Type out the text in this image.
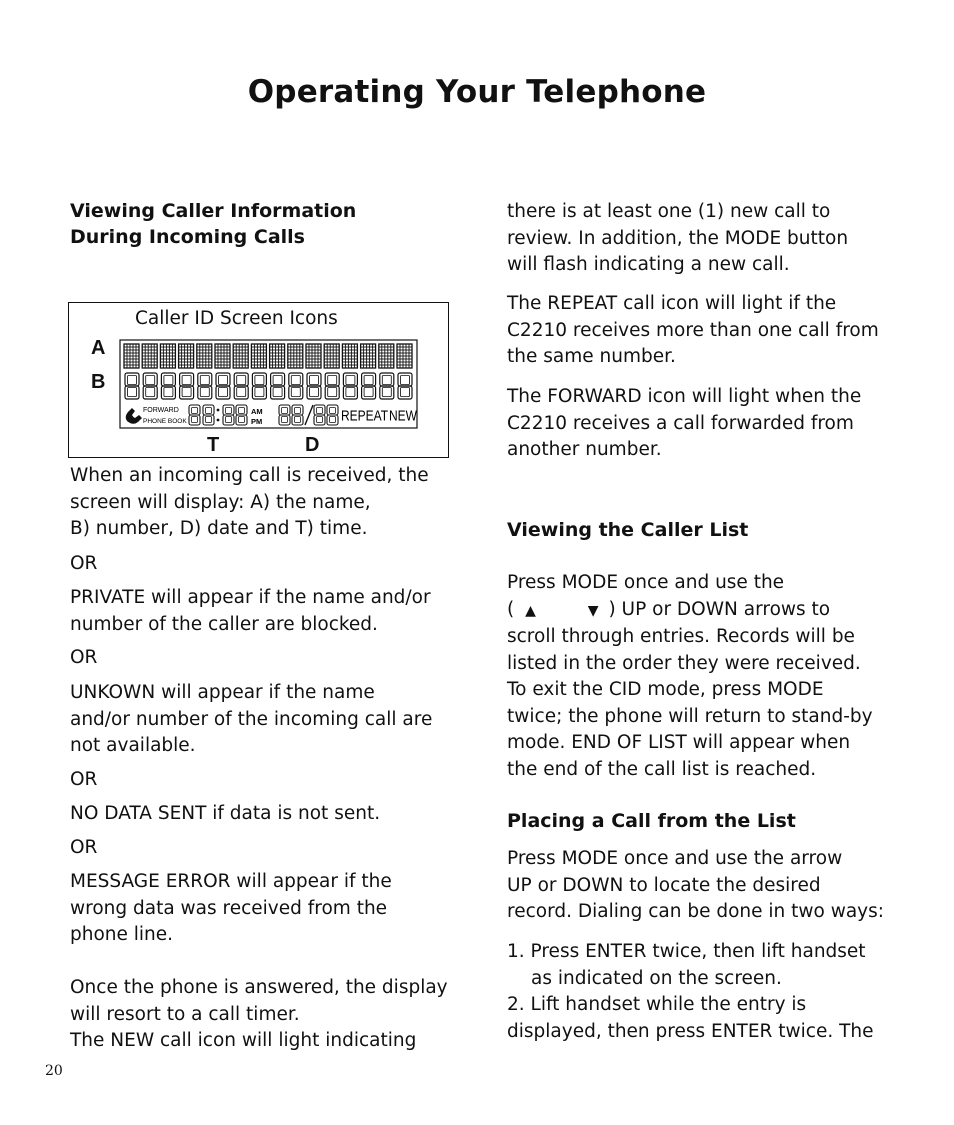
Operating Your Telephone
Viewing Caller Information
During Incoming Calls
Caller ID Screen Icons
A
B
T	D
FORWARD
PHONE BOOK
AM
PM	REPEAT NEW
When an incoming call is received, the
screen will display: A) the name,
B) number, D) date and T) time.
OR
PRIVATE will appear if the name and/or
number of the caller are blocked.
OR
UNKOWN will appear if the name
and/or number of the incoming call are
not available.
OR
NO DATA SENT if data is not sent.
OR
MESSAGE ERROR will appear if the
wrong data was received from the
phone line.
Once the phone is answered, the display
will resort to a call timer.
The NEW call icon will light indicating
there is at least one (1) new call to
review. In addition, the MODE button
will flash indicating a new call.
The REPEAT call icon will light if the
C2210 receives more than one call from
the same number.
The FORWARD icon will light when the
C2210 receives a call forwarded from
another number.
Viewing the Caller List
Press MODE once and use the
( ▲	▼ ) UP or DOWN arrows to
scroll through entries. Records will be
listed in the order they were received.
To exit the CID mode, press MODE
twice; the phone will return to stand-by
mode. END OF LIST will appear when
the end of the call list is reached.
Placing a Call from the List
Press MODE once and use the arrow
UP or DOWN to locate the desired
record. Dialing can be done in two ways:
1. Press ENTER twice, then lift handset
as indicated on the screen.
2. Lift handset while the entry is
displayed, then press ENTER twice. The
20
